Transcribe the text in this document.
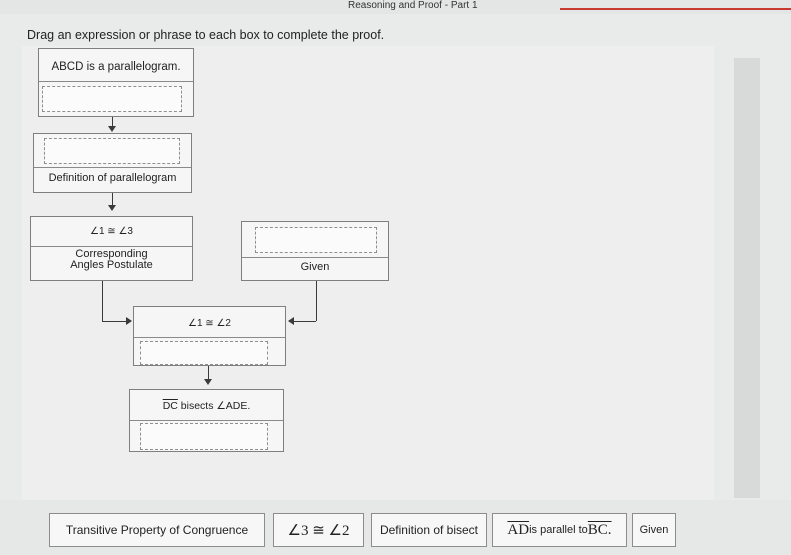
Reasoning and Proof - Part 1
Drag an expression or phrase to each box to complete the proof.
ABCD is a parallelogram.
Definition of parallelogram
∠1 ≅ ∠3
Corresponding Angles Postulate	Given
∠1 ≅ ∠2
$\overline{DC}$ bisects ∠ADE.
Transitive Property of Congruence	∠3 ≅ ∠2	Definition of bisect $\overline{AD}$ is parallel to BC.	Given
